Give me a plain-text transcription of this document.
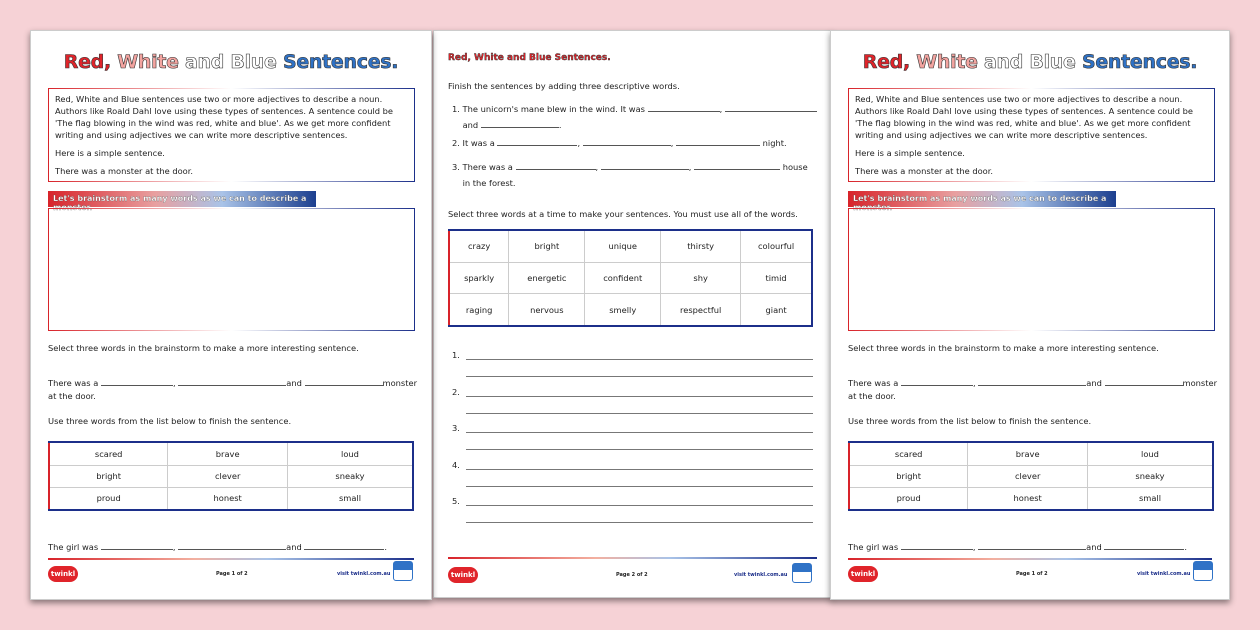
Red, White and Blue Sentences.
Finish the sentences by adding three descriptive words.
1. The unicorn's mane blew in the wind. It was	,
and	.
2. It was a	,	,	night.
3. There was a	,	,	house
in the forest.
Select three words at a time to make your sentences. You must use all of the words.
crazy	bright	unique	thirsty	colourful
sparkly	energetic	confident	shy	timid
raging	nervous	smelly	respectful	giant
1.
2.
3.
4.
5.
twinkl	Page 2 of 2	visit twinkl.com.au
Red, White and Blue Sentences.

Red, White and Blue sentences use two or more adjectives to describe a noun. Authors like Roald Dahl love using these types of sentences. A sentence could be 'The flag blowing in the wind was red, white and blue'. As we get more confident writing and using adjectives we can write more descriptive sentences.

Here is a simple sentence.

There was a monster at the door.

Let's brainstorm as many words as we can to describe a monster.
Select three words in the brainstorm to make a more interesting sentence.
There was a	,	and	monster
at the door.
Use three words from the list below to finish the sentence.
scared	brave	loud
bright	clever	sneaky
proud	honest	small
The girl was	,	and	.
twinkl	Page 1 of 2	visit twinkl.com.au
Red, White and Blue Sentences.

Red, White and Blue sentences use two or more adjectives to describe a noun. Authors like Roald Dahl love using these types of sentences. A sentence could be 'The flag blowing in the wind was red, white and blue'. As we get more confident writing and using adjectives we can write more descriptive sentences.

Here is a simple sentence.

There was a monster at the door.

Let's brainstorm as many words as we can to describe a monster.
Select three words in the brainstorm to make a more interesting sentence.
There was a	,	and	monster
at the door.
Use three words from the list below to finish the sentence.
scared	brave	loud
bright	clever	sneaky
proud	honest	small
The girl was	,	and	.
twinkl	Page 1 of 2	visit twinkl.com.au
